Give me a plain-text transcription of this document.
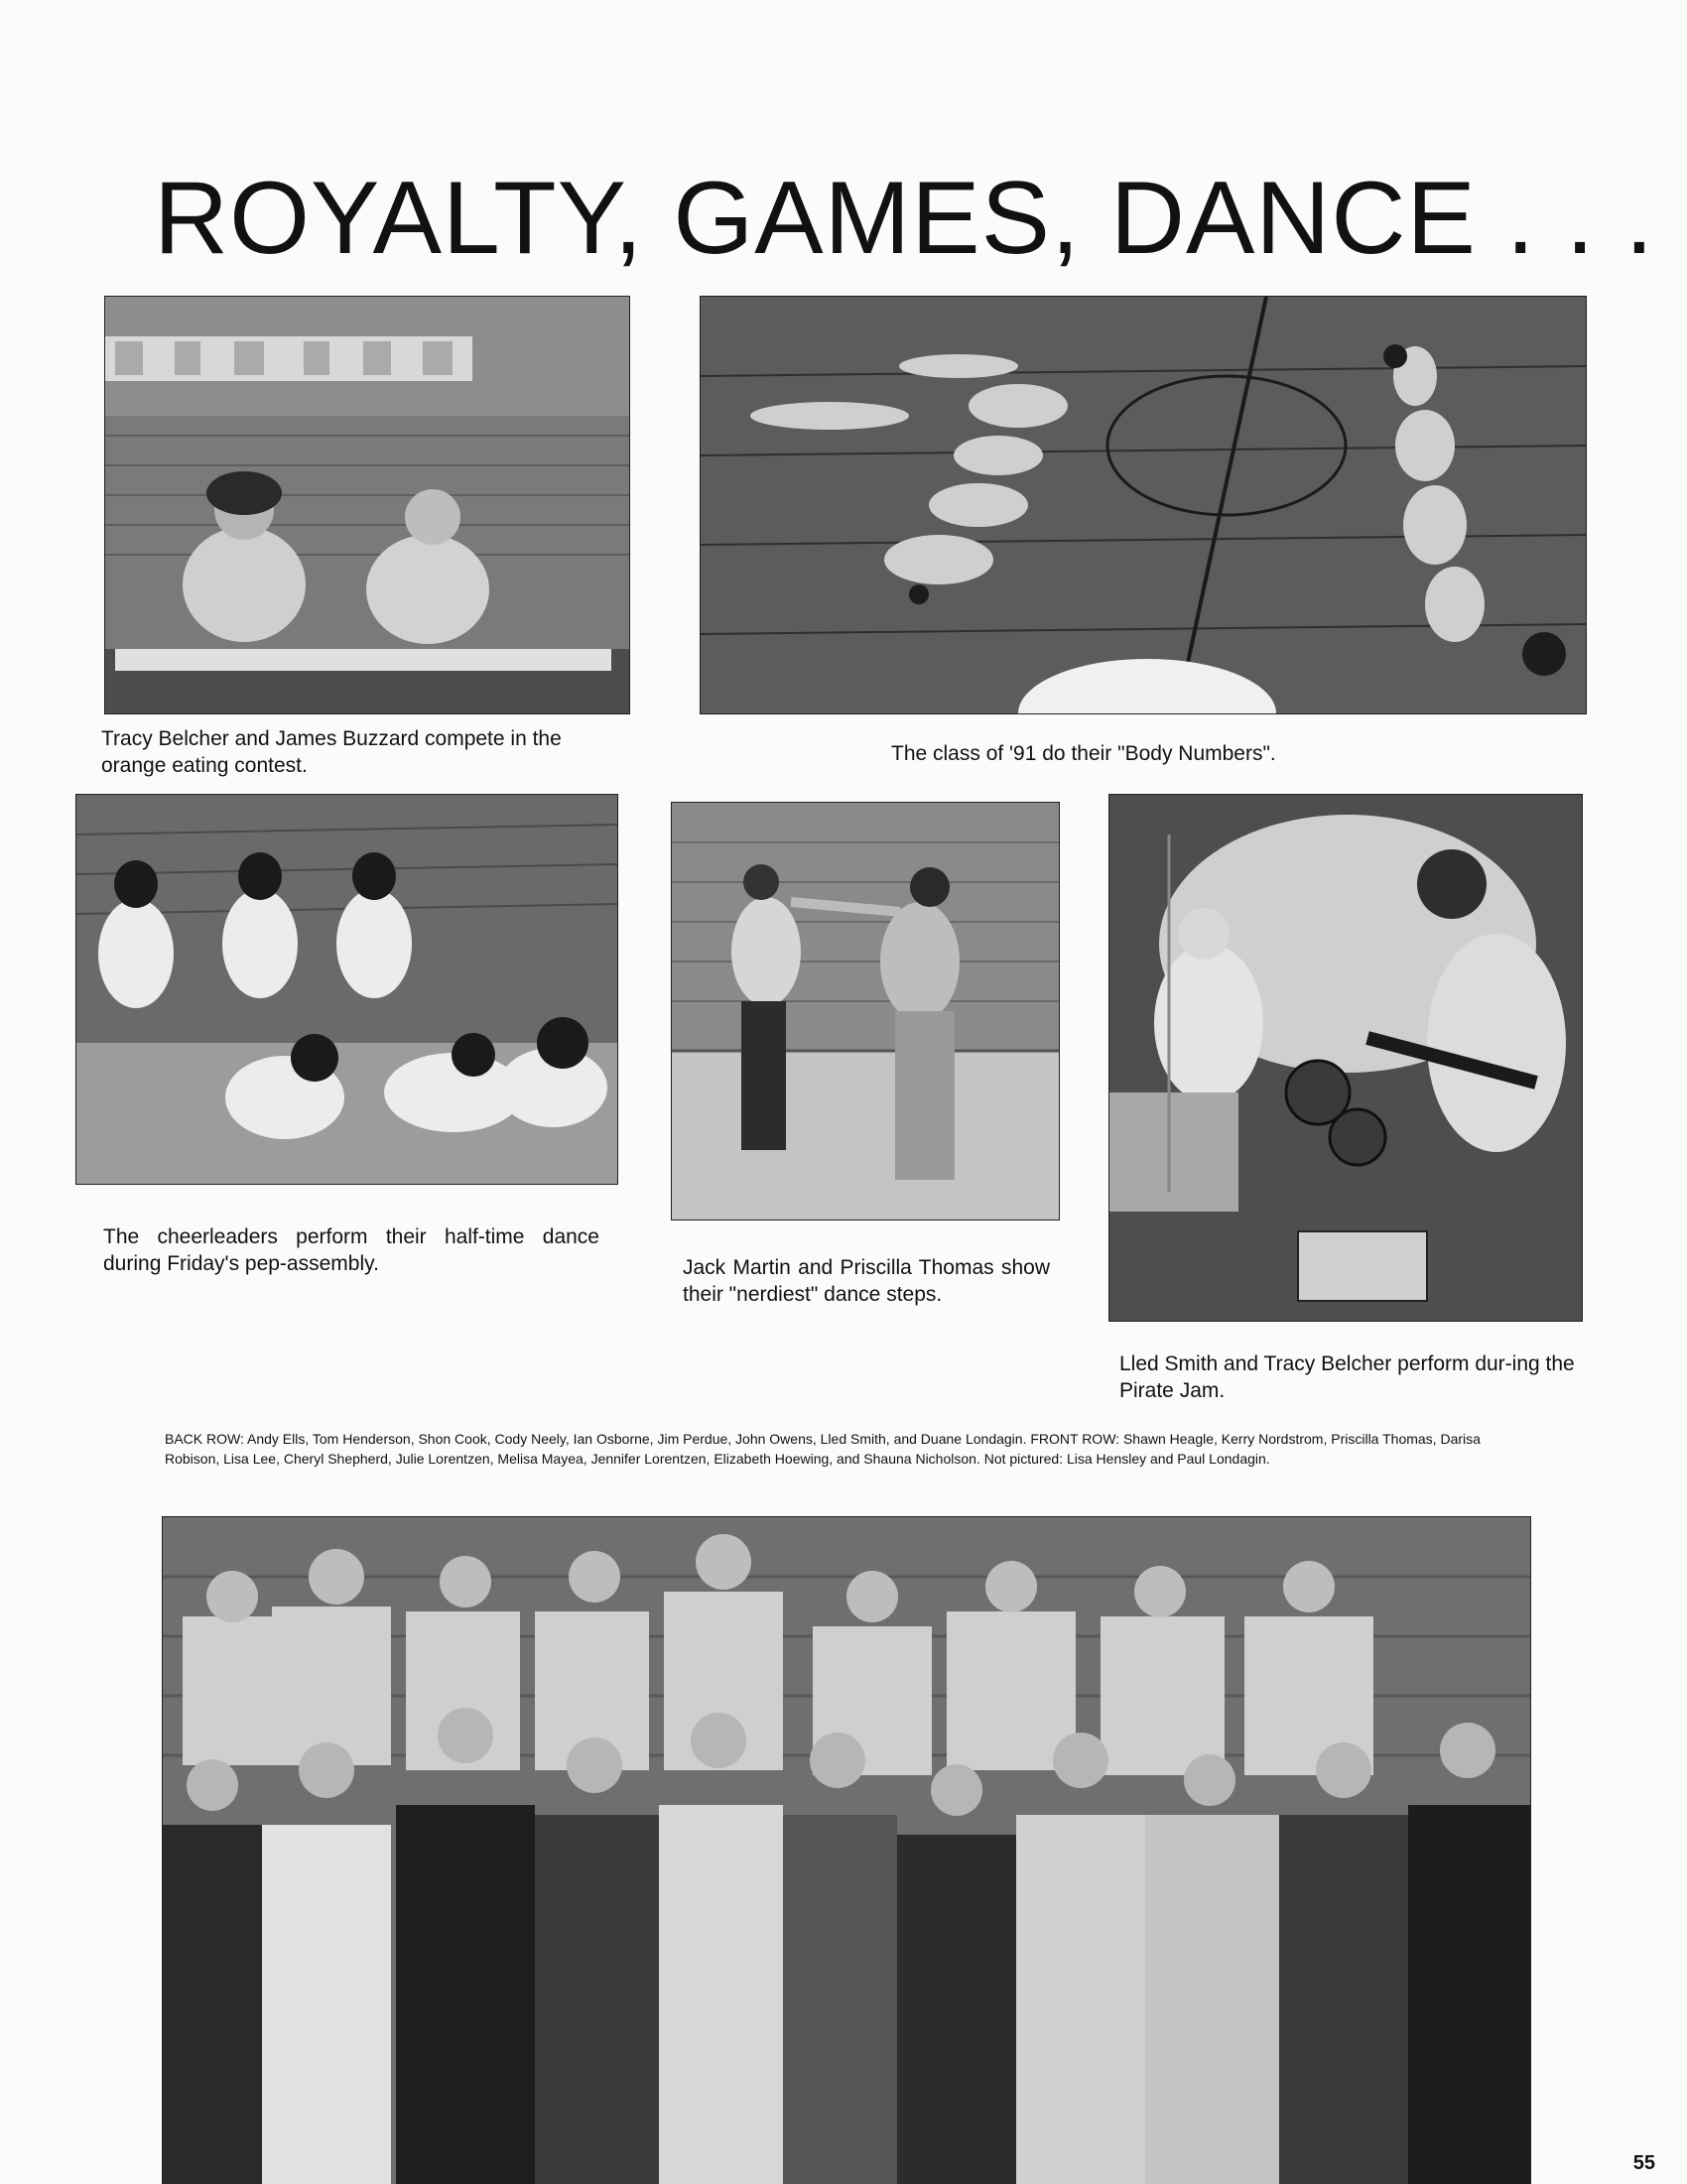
ROYALTY, GAMES, DANCE . . .

Tracy Belcher and James Buzzard compete in the orange eating contest.

The class of '91 do their "Body Numbers".

The cheerleaders perform their half-time dance during Friday's pep-assembly.	Jack Martin and Priscilla Thomas show their "nerdiest" dance steps.

Lled Smith and Tracy Belcher perform dur-ing the Pirate Jam.

BACK ROW: Andy Ells, Tom Henderson, Shon Cook, Cody Neely, Ian Osborne, Jim Perdue, John Owens, Lled Smith, and Duane Londagin. FRONT ROW: Shawn Heagle, Kerry Nordstrom, Priscilla Thomas, Darisa Robison, Lisa Lee, Cheryl Shepherd, Julie Lorentzen, Melisa Mayea, Jennifer Lorentzen, Elizabeth Hoewing, and Shauna Nicholson. Not pictured: Lisa Hensley and Paul Londagin.

55
